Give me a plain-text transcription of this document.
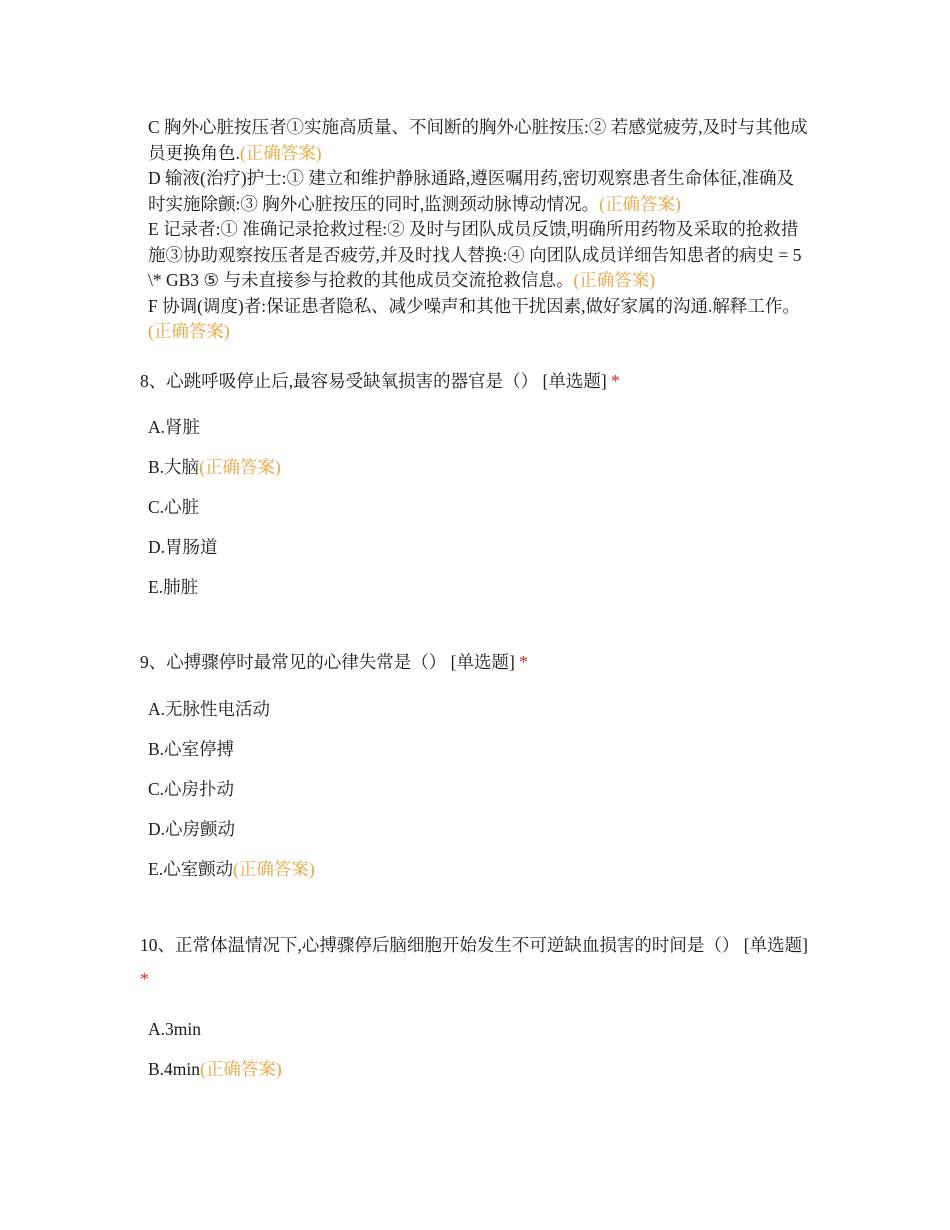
C 胸外心脏按压者①实施高质量、不间断的胸外心脏按压:② 若感觉疲劳,及时与其他成员更换角色.(正确答案)

D 输液(治疗)护士:① 建立和维护静脉通路,遵医嘱用药,密切观察患者生命体征,准确及时实施除颤:③ 胸外心脏按压的同时,监测颈动脉博动情况。(正确答案)

E 记录者:① 准确记录抢救过程:② 及时与团队成员反馈,明确所用药物及采取的抢救措施③协助观察按压者是否疲劳,并及时找人替换:④ 向团队成员详细告知患者的病史 = 5 \* GB3 ⑤ 与未直接参与抢救的其他成员交流抢救信息。(正确答案)

F 协调(调度)者:保证患者隐私、减少噪声和其他干扰因素,做好家属的沟通.解释工作。(正确答案)

8、心跳呼吸停止后,最容易受缺氧损害的器官是（） [单选题] *
A.肾脏
B.大脑(正确答案)
C.心脏
D.胃肠道
E.肺脏
9、心搏骤停时最常见的心律失常是（） [单选题] *
A.无脉性电活动
B.心室停搏
C.心房扑动
D.心房颤动
E.心室颤动(正确答案)
10、正常体温情况下,心搏骤停后脑细胞开始发生不可逆缺血损害的时间是（） [单选题] *
A.3min
B.4min(正确答案)
